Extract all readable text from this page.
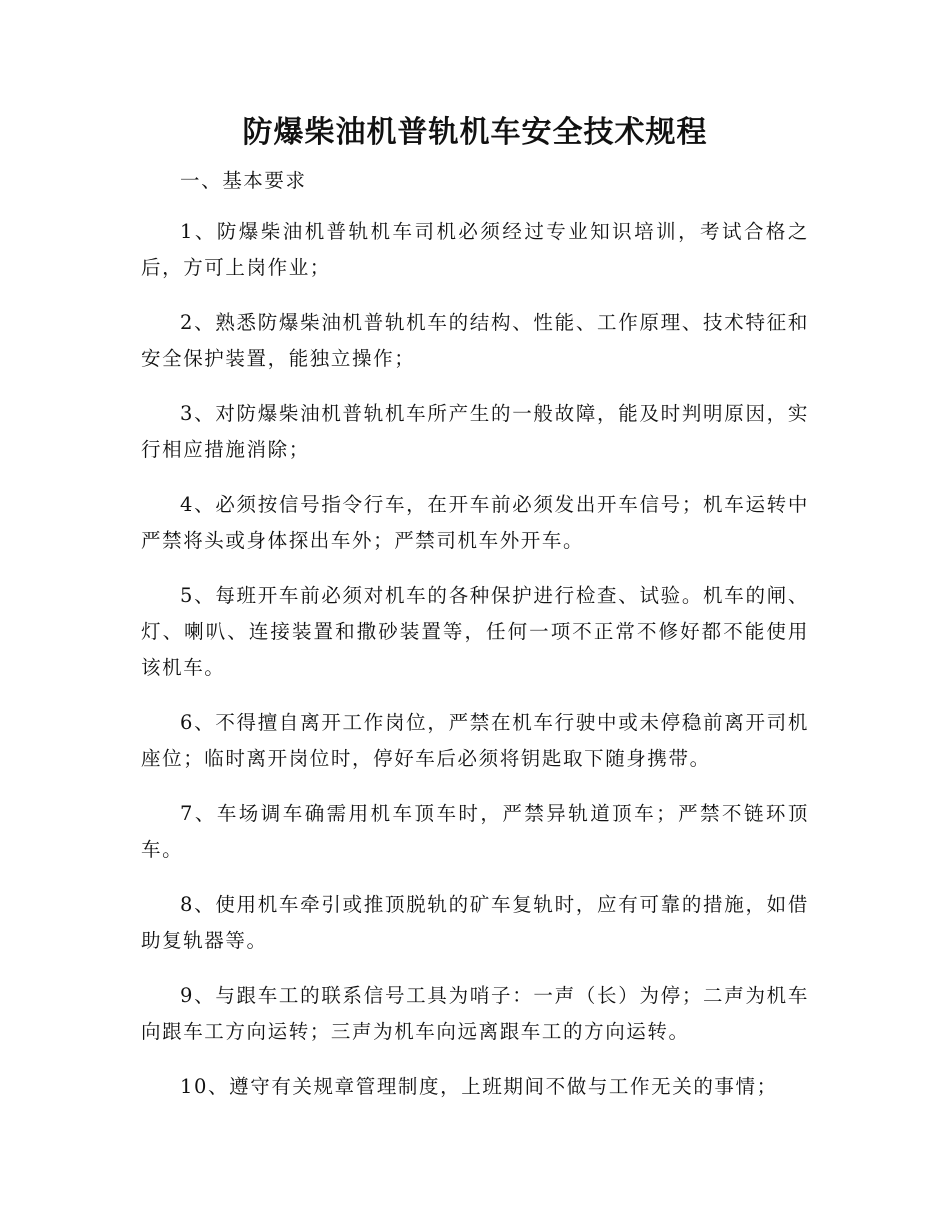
防爆柴油机普轨机车安全技术规程

一、基本要求

1、防爆柴油机普轨机车司机必须经过专业知识培训，考试合格之后，方可上岗作业；

2、熟悉防爆柴油机普轨机车的结构、性能、工作原理、技术特征和安全保护装置，能独立操作；

3、对防爆柴油机普轨机车所产生的一般故障，能及时判明原因，实行相应措施消除；

4、必须按信号指令行车，在开车前必须发出开车信号；机车运转中严禁将头或身体探出车外；严禁司机车外开车。

5、每班开车前必须对机车的各种保护进行检查、试验。机车的闸、灯、喇叭、连接装置和撒砂装置等，任何一项不正常不修好都不能使用该机车。

6、不得擅自离开工作岗位，严禁在机车行驶中或未停稳前离开司机座位；临时离开岗位时，停好车后必须将钥匙取下随身携带。

7、车场调车确需用机车顶车时，严禁异轨道顶车；严禁不链环顶车。

8、使用机车牵引或推顶脱轨的矿车复轨时，应有可靠的措施，如借助复轨器等。

9、与跟车工的联系信号工具为哨子：一声（长）为停；二声为机车向跟车工方向运转；三声为机车向远离跟车工的方向运转。

10、遵守有关规章管理制度，上班期间不做与工作无关的事情；
